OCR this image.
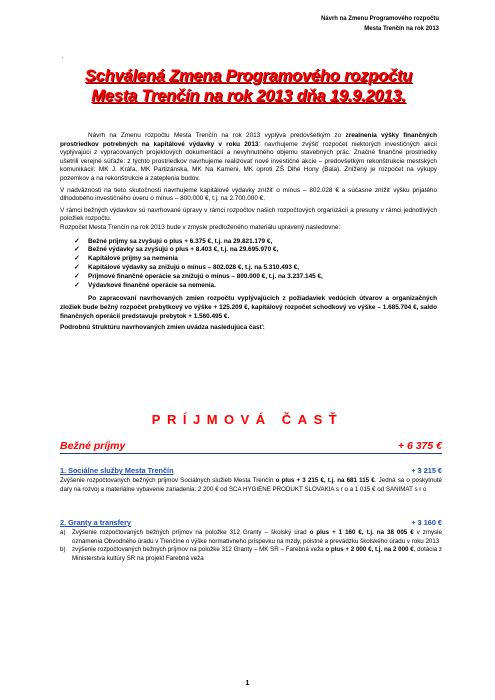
Návrh na Zmenu Programového rozpočtu
Mesta Trenčín na rok 2013
.
Schválená Zmena Programového rozpočtu
Mesta Trenčín na rok 2013 dňa 19.9.2013.

Návrh na Zmenu rozpočtu Mesta Trenčín na rok 2013 vyplýva predovšetkým zo zrealnenia výšky finančných prostriedkov potrebných na kapitálové výdavky v roku 2013: navrhujeme zvýšiť rozpočet niektorých investičných akcií vyplývajúci z vypracovaných projektových dokumentácií a nevyhnutného objemu stavebných prác. Značné finančné prostriedky ušetrili verejné súťaže: z týchto prostriedkov navrhujeme realizovať nové investičné akcie – predovšetkým rekonštrukcie mestských komunikácií: MK J. Kráľa, MK Partizánska, MK Na Kameni, MK oproti ZŠ Dlhé Hony (Bala). Znížený je rozpočet na výkupy pozemkov a na rekonštrukcie a zateplenia budov.

V nadväznosti na tieto skutočnosti navrhujeme kapitálové výdavky znížiť o mínus – 802.028 € a súčasne znížiť výšku prijatého dlhodobého investičného úveru o mínus – 800.000 €, t.j. na 2.700.000 €.

V rámci bežných výdavkov sú navrhované úpravy v rámci rozpočtov našich rozpočtových organizácií a presuny v rámci jednotlivých položiek rozpočtu.

Rozpočet Mesta Trenčín na rok 2013 bude v zmysle predloženého materiálu upravený nasledovne:

✓ Bežné príjmy sa zvyšujú o plus + 6.375 €, t.j. na 29.821.179 €,
✓ Bežné výdavky sa zvyšujú o plus + 8.403 €, t.j. na 29.695.970 €,
✓ Kapitálové príjmy sa nemenia
✓ Kapitálové výdavky sa znižujú o mínus – 802.028 €, t.j. na 5.310.493 €,
✓ Príjmové finančné operácie sa znižujú o mínus – 800.000 €, t.j. na 3.237.145 €,
✓ Výdavkové finančné operácie sa nemenia.

Po zapracovaní navrhovaných zmien rozpočtu vyplývajúcich z požiadaviek vedúcich útvarov a organizačných zložiek bude bežný rozpočet prebytkový vo výške + 125.209 €, kapitálový rozpočet schodkový vo výške – 1.685.704 €, saldo finančných operácií predstavuje prebytok + 1.560.495 €.

Podrobnú štruktúru navrhovaných zmien uvádza nasledujúca časť:

PRÍJMOVÁ ČASŤ
Bežné príjmy	+ 6 375 €
1. Sociálne služby Mesta Trenčín	+ 3 215 €
Zvýšenie rozpočtovaných bežných príjmov Sociálnych služieb Mesta Trenčín o plus + 3 215 €, t.j. na 681 115 €. Jedná sa o poskytnuté dary na rozvoj a materiálne vybavenie zariadenia: 2 200 € od SCA HYGIENE PRODUKT SLOVAKIA s r o a 1 015 € od SANIMAT s r o
2. Granty a transfery	+ 3 160 €
a) Zvýšenie rozpočtovaných bežných príjmov na položke 312 Granty – školský úrad o plus + 1 160 €, t.j. na 38 005 € v zmysle oznámenia Obvodného úradu v Trenčíne o výške normatívneho príspevku na mzdy, poistné a prevádzku školského úradu v roku 2013
b) zvýšenie rozpočtovaných bežných príjmov na položke 312 Granty – MK SR – Farebná veža o plus + 2 000 €, t.j. na 2 000 €, dotácia z Ministerstva kultúry SR na projekt Farebná veža
1
